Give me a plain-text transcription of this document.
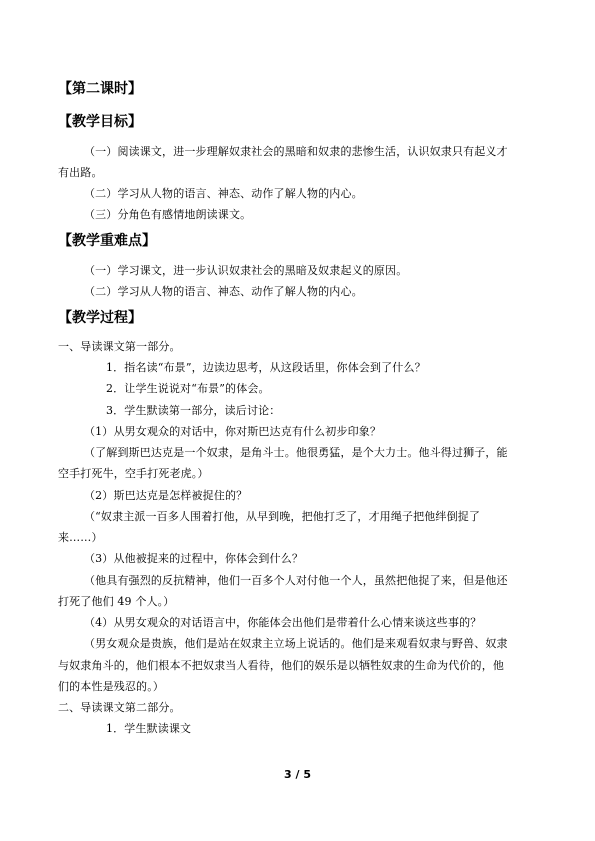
【第二课时】
【教学目标】
（一）阅读课文，进一步理解奴隶社会的黑暗和奴隶的悲惨生活，认识奴隶只有起义才
有出路。
（二）学习从人物的语言、神态、动作了解人物的内心。
（三）分角色有感情地朗读课文。
【教学重难点】
（一）学习课文，进一步认识奴隶社会的黑暗及奴隶起义的原因。
（二）学习从人物的语言、神态、动作了解人物的内心。
【教学过程】
一、导读课文第一部分。
1．指名读“布景”，边读边思考，从这段话里，你体会到了什么？
2．让学生说说对“布景”的体会。
3．学生默读第一部分，读后讨论：
（1）从男女观众的对话中，你对斯巴达克有什么初步印象？
（了解到斯巴达克是一个奴隶，是角斗士。他很勇猛，是个大力士。他斗得过狮子，能
空手打死牛，空手打死老虎。）
（2）斯巴达克是怎样被捉住的？
（“奴隶主派一百多人围着打他，从早到晚，把他打乏了，才用绳子把他绊倒捉了
来……）
（3）从他被捉来的过程中，你体会到什么？
（他具有强烈的反抗精神，他们一百多个人对付他一个人，虽然把他捉了来，但是他还
打死了他们 49 个人。）
（4）从男女观众的对话语言中，你能体会出他们是带着什么心情来谈这些事的？
（男女观众是贵族，他们是站在奴隶主立场上说话的。他们是来观看奴隶与野兽、奴隶
与奴隶角斗的，他们根本不把奴隶当人看待，他们的娱乐是以牺牲奴隶的生命为代价的，他
们的本性是残忍的。）
二、导读课文第二部分。
1．学生默读课文
3 / 5
